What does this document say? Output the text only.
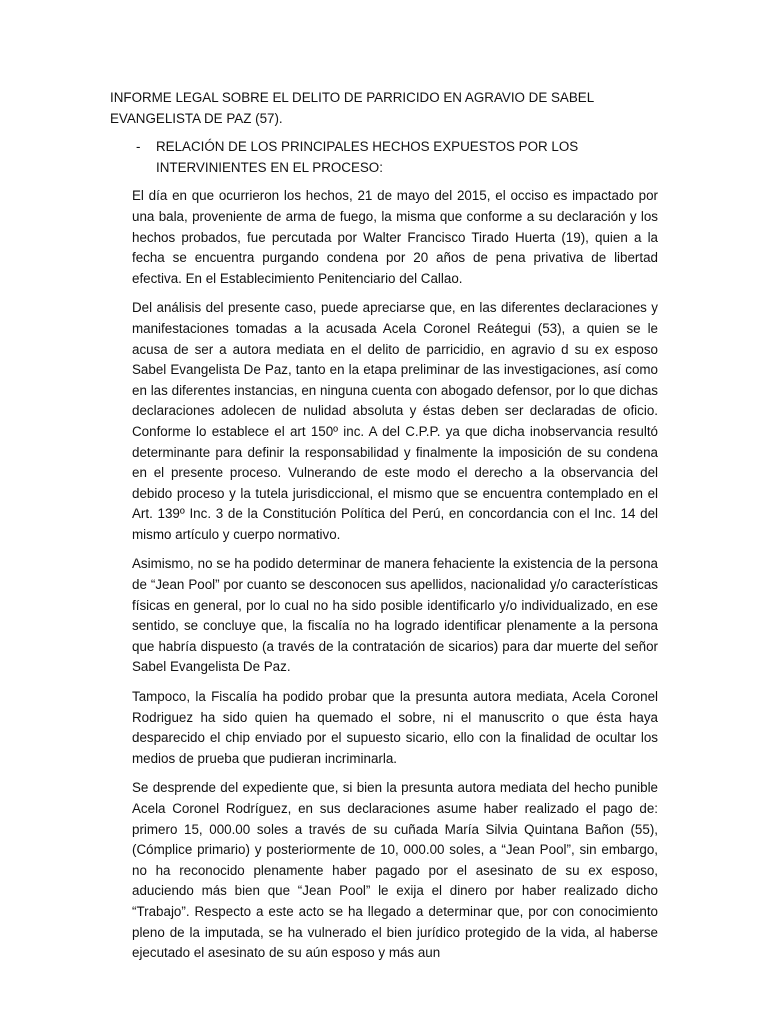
INFORME LEGAL SOBRE EL DELITO DE PARRICIDO EN AGRAVIO DE SABEL EVANGELISTA DE PAZ (57).
- RELACIÓN DE LOS PRINCIPALES HECHOS EXPUESTOS POR LOS INTERVINIENTES EN EL PROCESO:

El día en que ocurrieron los hechos, 21 de mayo del 2015, el occiso es impactado por una bala, proveniente de arma de fuego, la misma que conforme a su declaración y los hechos probados, fue percutada por Walter Francisco Tirado Huerta (19), quien a la fecha se encuentra purgando condena por 20 años de pena privativa de libertad efectiva. En el Establecimiento Penitenciario del Callao.

Del análisis del presente caso, puede apreciarse que, en las diferentes declaraciones y manifestaciones tomadas a la acusada Acela Coronel Reátegui (53), a quien se le acusa de ser a autora mediata en el delito de parricidio, en agravio d su ex esposo Sabel Evangelista De Paz, tanto en la etapa preliminar de las investigaciones, así como en las diferentes instancias, en ninguna cuenta con abogado defensor, por lo que dichas declaraciones adolecen de nulidad absoluta y éstas deben ser declaradas de oficio. Conforme lo establece el art 150º inc. A del C.P.P. ya que dicha inobservancia resultó determinante para definir la responsabilidad y finalmente la imposición de su condena en el presente proceso. Vulnerando de este modo el derecho a la observancia del debido proceso y la tutela jurisdiccional, el mismo que se encuentra contemplado en el Art. 139º Inc. 3 de la Constitución Política del Perú, en concordancia con el Inc. 14 del mismo artículo y cuerpo normativo.

Asimismo, no se ha podido determinar de manera fehaciente la existencia de la persona de “Jean Pool” por cuanto se desconocen sus apellidos, nacionalidad y/o características físicas en general, por lo cual no ha sido posible identificarlo y/o individualizado, en ese sentido, se concluye que, la fiscalía no ha logrado identificar plenamente a la persona que habría dispuesto (a través de la contratación de sicarios) para dar muerte del señor Sabel Evangelista De Paz.

Tampoco, la Fiscalía ha podido probar que la presunta autora mediata, Acela Coronel Rodriguez ha sido quien ha quemado el sobre, ni el manuscrito o que ésta haya desparecido el chip enviado por el supuesto sicario, ello con la finalidad de ocultar los medios de prueba que pudieran incriminarla.

Se desprende del expediente que, si bien la presunta autora mediata del hecho punible Acela Coronel Rodríguez, en sus declaraciones asume haber realizado el pago de: primero 15, 000.00 soles a través de su cuñada María Silvia Quintana Bañon (55), (Cómplice primario) y posteriormente de 10, 000.00 soles, a “Jean Pool”, sin embargo, no ha reconocido plenamente haber pagado por el asesinato de su ex esposo, aduciendo más bien que “Jean Pool” le exija el dinero por haber realizado dicho “Trabajo”. Respecto a este acto se ha llegado a determinar que, por con conocimiento pleno de la imputada, se ha vulnerado el bien jurídico protegido de la vida, al haberse ejecutado el asesinato de su aún esposo y más aun
